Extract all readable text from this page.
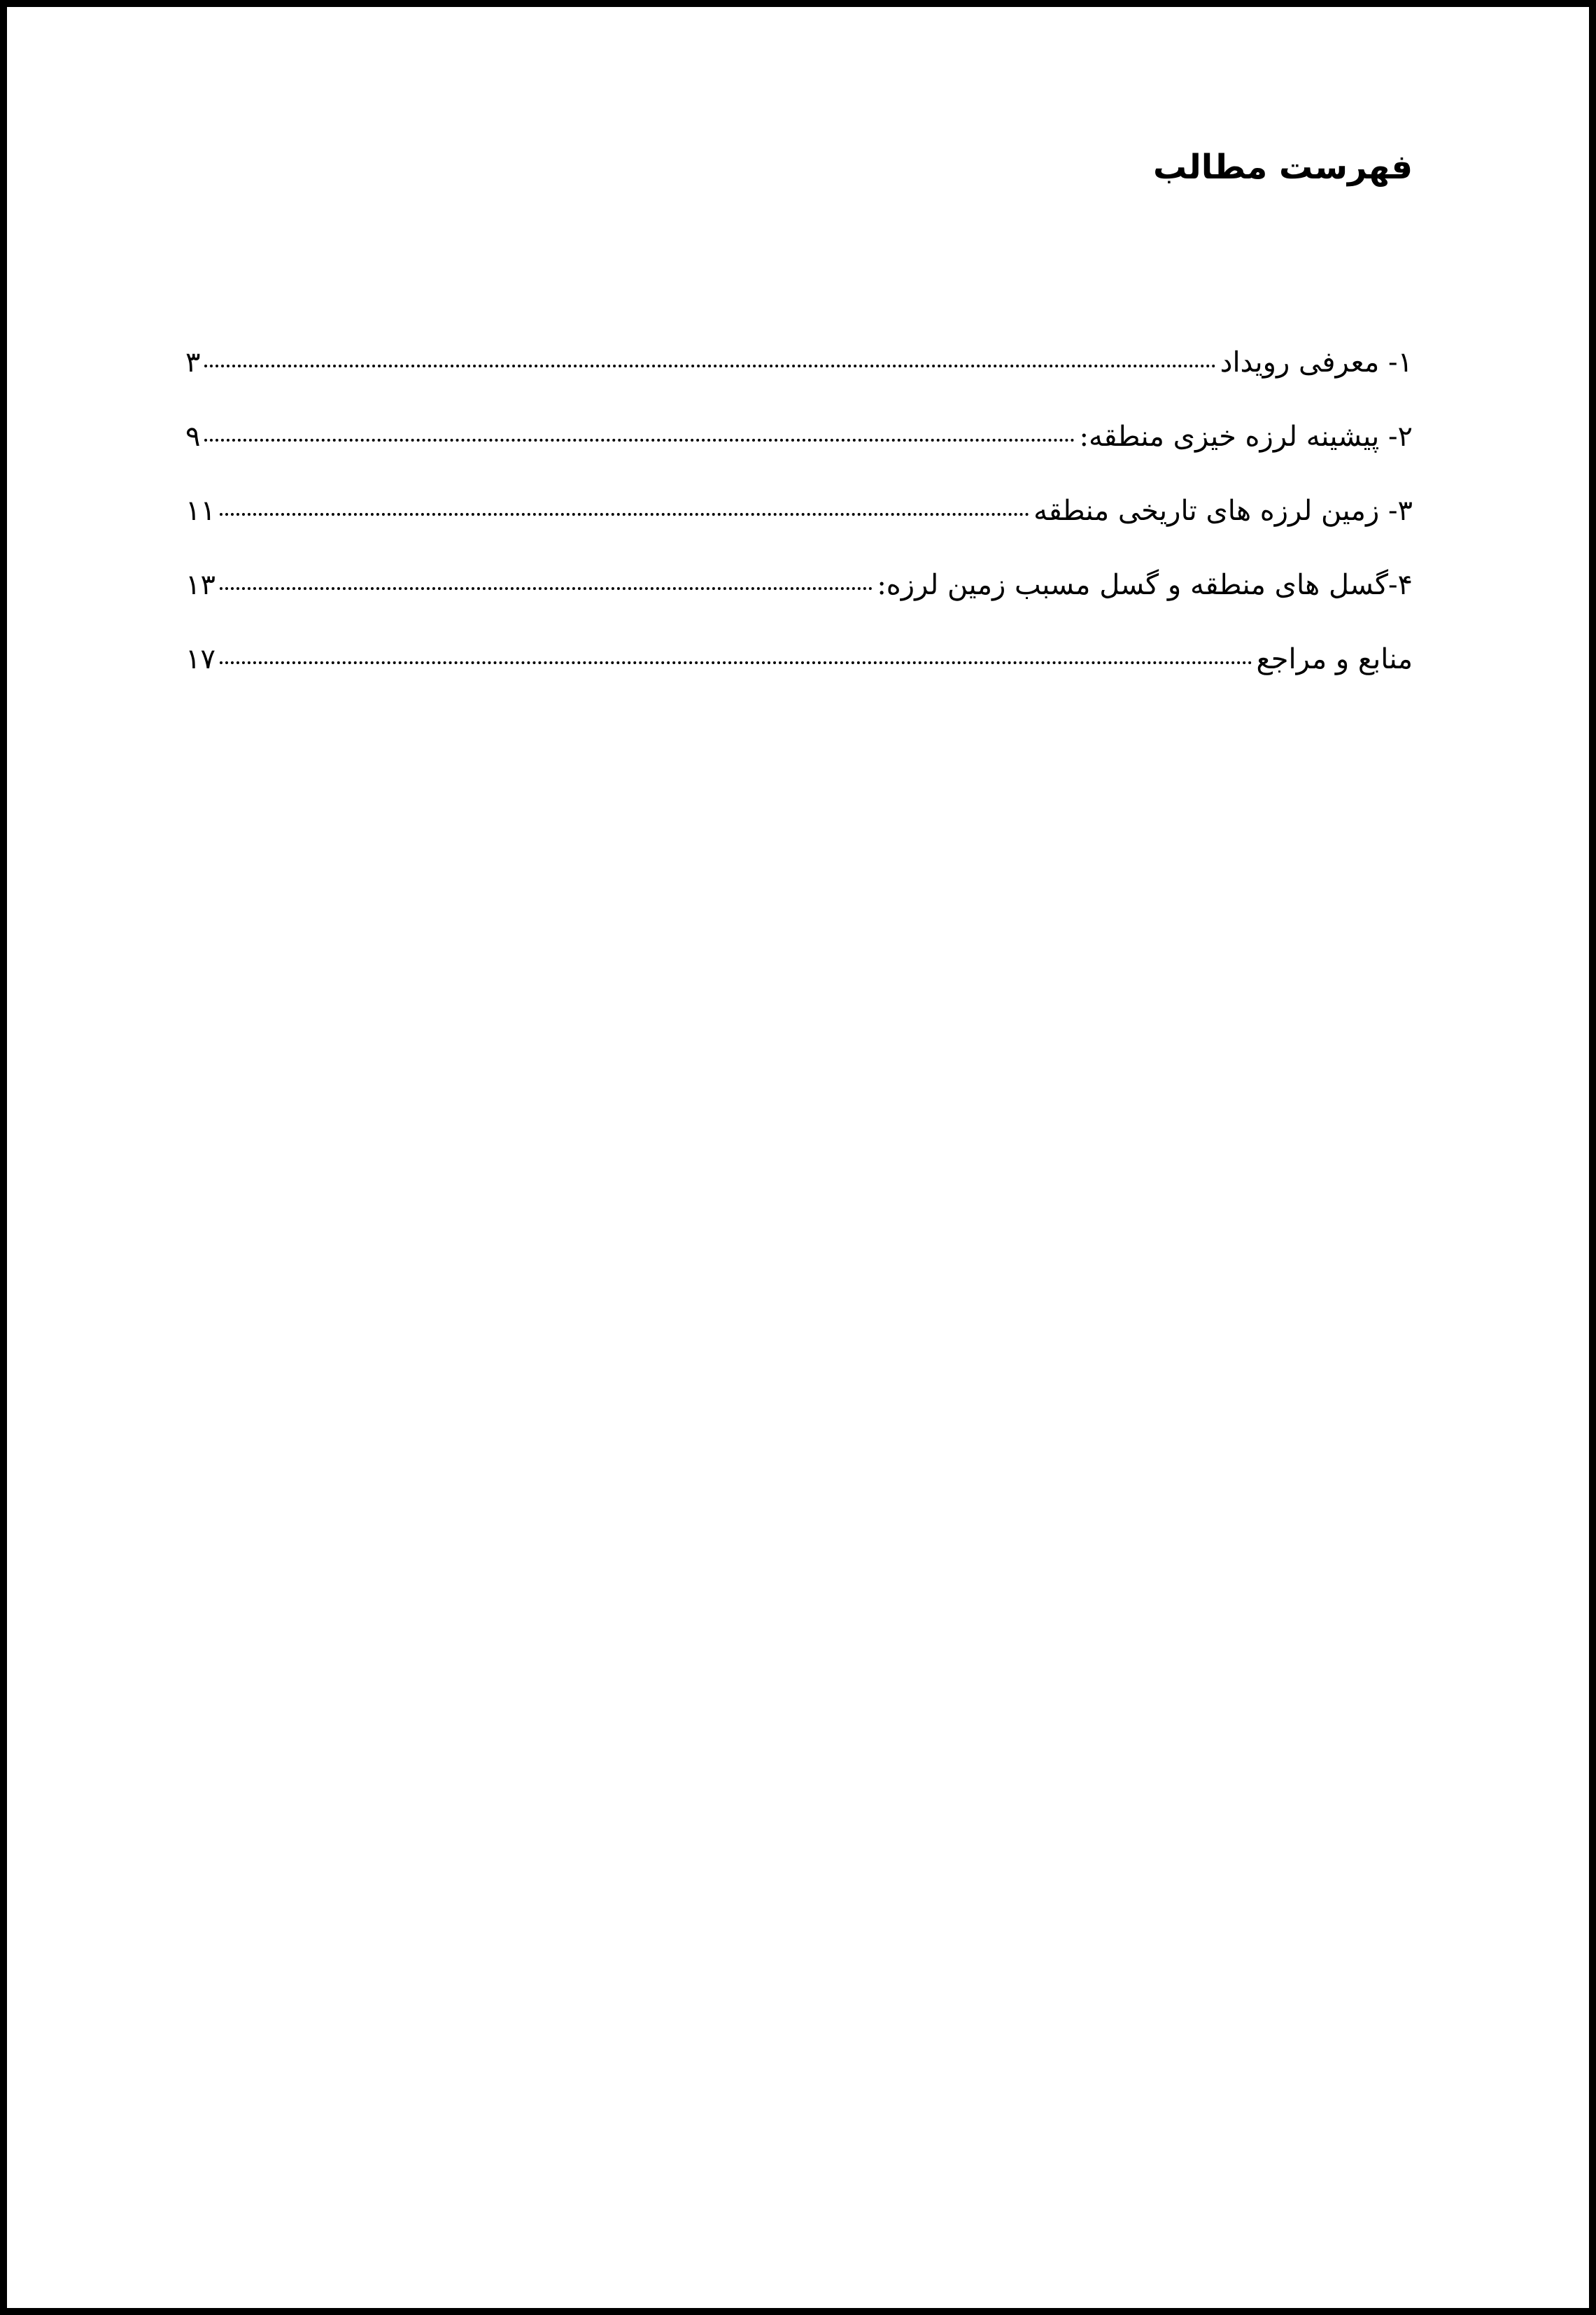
فهرست مطالب
۱- معرفی رویداد
۳
۲- پیشینه لرزه خیزی منطقه:
۹
۳- زمین لرزه های تاریخی منطقه
۱۱
۴-گسل های منطقه و گسل مسبب زمین لرزه:
۱۳
منابع و مراجع
۱۷
